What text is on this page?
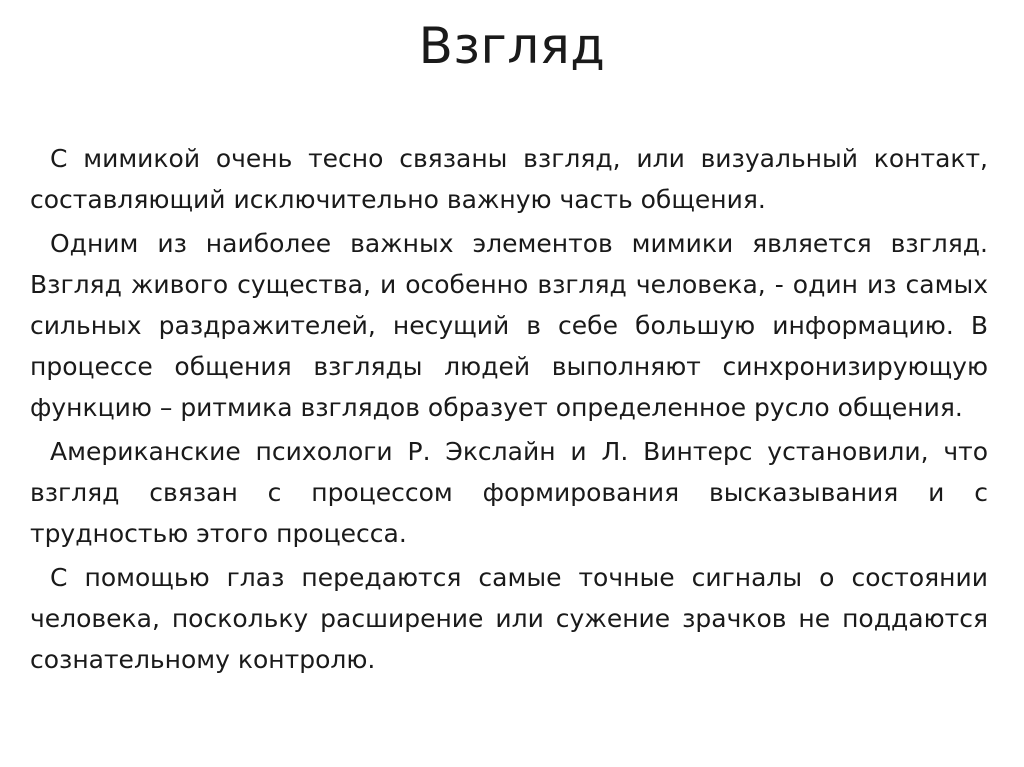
Взгляд

С мимикой очень тесно связаны взгляд, или визуальный контакт, составляющий исключительно важную часть общения.

Одним из наиболее важных элементов мимики является взгляд. Взгляд живого существа, и особенно взгляд человека, - один из самых сильных раздражителей, несущий в себе большую информацию. В процессе общения взгляды людей выполняют синхронизирующую функцию – ритмика взглядов образует определенное русло общения.

Американские психологи Р. Экслайн и Л. Винтерс установили, что взгляд связан с процессом формирования высказывания и с трудностью этого процесса.

С помощью глаз передаются самые точные сигналы о состоянии человека, поскольку расширение или сужение зрачков не поддаются сознательному контролю.
